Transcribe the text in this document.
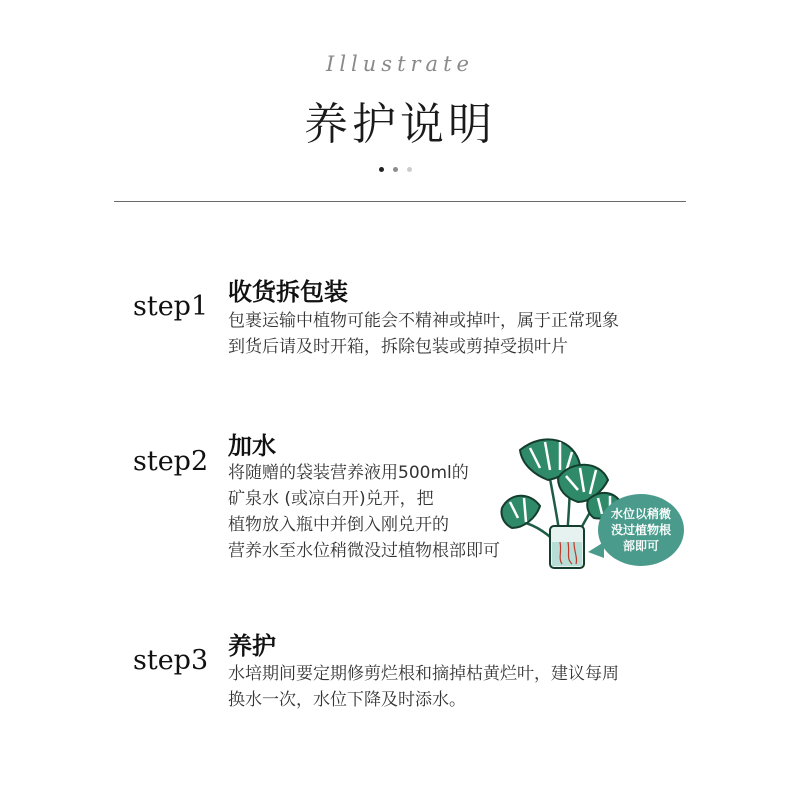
Illustrate
养护说明
step1 收货拆包装
包裹运输中植物可能会不精神或掉叶，属于正常现象
到货后请及时开箱，拆除包装或剪掉受损叶片
step2 加水
将随赠的袋装营养液用500ml的
矿泉水 (或凉白开)兑开，把
植物放入瓶中并倒入刚兑开的
营养水至水位稍微没过植物根部即可
水位以稍微
没过植物根
部即可
step3 养护
水培期间要定期修剪烂根和摘掉枯黄烂叶，建议每周
换水一次，水位下降及时添水。
